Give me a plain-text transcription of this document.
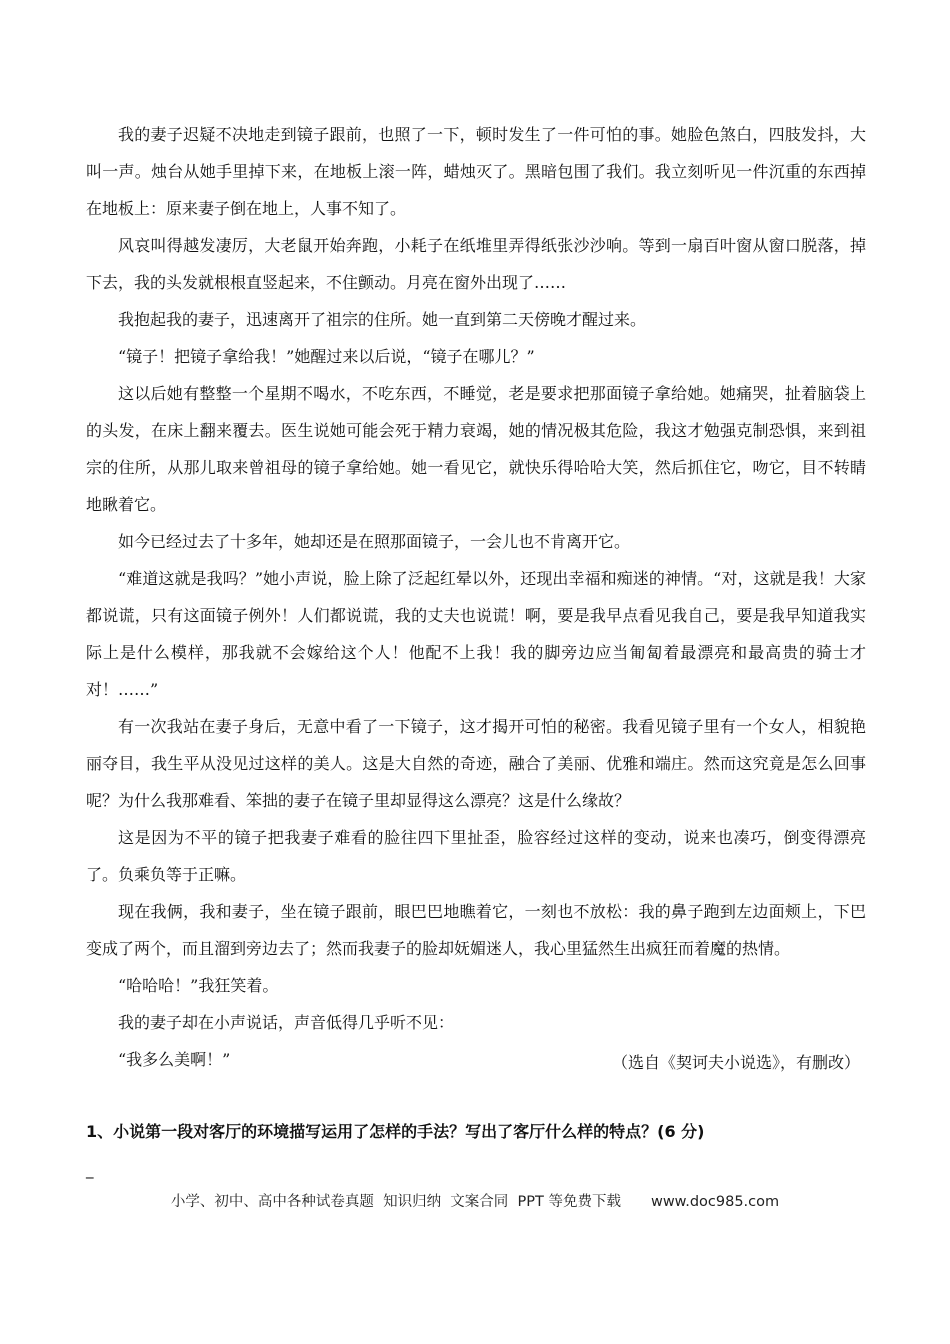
我的妻子迟疑不决地走到镜子跟前，也照了一下，顿时发生了一件可怕的事。她脸色煞白，四肢发抖，大叫一声。烛台从她手里掉下来，在地板上滚一阵，蜡烛灭了。黑暗包围了我们。我立刻听见一件沉重的东西掉在地板上：原来妻子倒在地上，人事不知了。

风哀叫得越发凄厉，大老鼠开始奔跑，小耗子在纸堆里弄得纸张沙沙响。等到一扇百叶窗从窗口脱落，掉下去，我的头发就根根直竖起来，不住颤动。月亮在窗外出现了……

我抱起我的妻子，迅速离开了祖宗的住所。她一直到第二天傍晚才醒过来。

“镜子！把镜子拿给我！”她醒过来以后说，“镜子在哪儿？”

这以后她有整整一个星期不喝水，不吃东西，不睡觉，老是要求把那面镜子拿给她。她痛哭，扯着脑袋上的头发，在床上翻来覆去。医生说她可能会死于精力衰竭，她的情况极其危险，我这才勉强克制恐惧，来到祖宗的住所，从那儿取来曾祖母的镜子拿给她。她一看见它，就快乐得哈哈大笑，然后抓住它，吻它，目不转睛地瞅着它。

如今已经过去了十多年，她却还是在照那面镜子，一会儿也不肯离开它。

“难道这就是我吗？”她小声说，脸上除了泛起红晕以外，还现出幸福和痴迷的神情。“对，这就是我！大家都说谎，只有这面镜子例外！人们都说谎，我的丈夫也说谎！啊，要是我早点看见我自己，要是我早知道我实际上是什么模样，那我就不会嫁给这个人！他配不上我！我的脚旁边应当匍匐着最漂亮和最高贵的骑士才对！……”

有一次我站在妻子身后，无意中看了一下镜子，这才揭开可怕的秘密。我看见镜子里有一个女人，相貌艳丽夺目，我生平从没见过这样的美人。这是大自然的奇迹，融合了美丽、优雅和端庄。然而这究竟是怎么回事呢？为什么我那难看、笨拙的妻子在镜子里却显得这么漂亮？这是什么缘故？

这是因为不平的镜子把我妻子难看的脸往四下里扯歪，脸容经过这样的变动，说来也凑巧，倒变得漂亮了。负乘负等于正嘛。

现在我俩，我和妻子，坐在镜子跟前，眼巴巴地瞧着它，一刻也不放松：我的鼻子跑到左边面颊上，下巴变成了两个，而且溜到旁边去了；然而我妻子的脸却妩媚迷人，我心里猛然生出疯狂而着魔的热情。

“哈哈哈！”我狂笑着。

我的妻子却在小声说话，声音低得几乎听不见：

“我多么美啊！”	（选自《契诃夫小说选》，有删改）
1、小说第一段对客厅的环境描写运用了怎样的手法？写出了客厅什么样的特点？(6 分)
_
小学、初中、高中各种试卷真题  知识归纳  文案合同  PPT 等免费下载 www.doc985.com
